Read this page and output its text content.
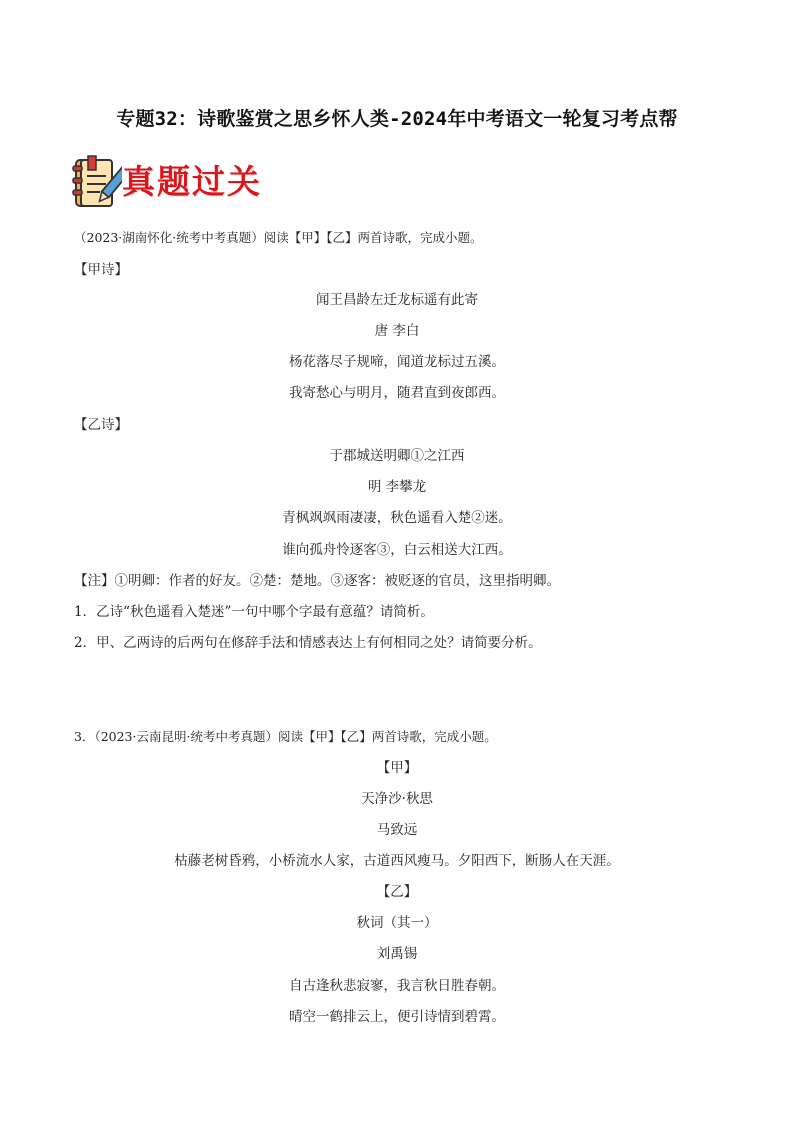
专题32：诗歌鉴赏之思乡怀人类-2024年中考语文一轮复习考点帮
真题过关
（2023·湖南怀化·统考中考真题）阅读【甲】【乙】两首诗歌，完成小题。
【甲诗】
闻王昌龄左迁龙标遥有此寄
唐 李白
杨花落尽子规啼，闻道龙标过五溪。
我寄愁心与明月，随君直到夜郎西。
【乙诗】
于郡城送明卿①之江西
明 李攀龙
青枫飒飒雨凄凄，秋色遥看入楚②迷。
谁向孤舟怜逐客③，白云相送大江西。
【注】①明卿：作者的好友。②楚：楚地。③逐客：被贬逐的官员，这里指明卿。
1．乙诗“秋色遥看入楚迷”一句中哪个字最有意蕴？请简析。
2．甲、乙两诗的后两句在修辞手法和情感表达上有何相同之处？请简要分析。
3．（2023·云南昆明·统考中考真题）阅读【甲】【乙】两首诗歌，完成小题。
【甲】
天净沙·秋思
马致远
枯藤老树昏鸦，小桥流水人家，古道西风瘦马。夕阳西下，断肠人在天涯。
【乙】
秋词（其一）
刘禹锡
自古逢秋悲寂寥，我言秋日胜春朝。
晴空一鹤排云上，便引诗情到碧霄。
